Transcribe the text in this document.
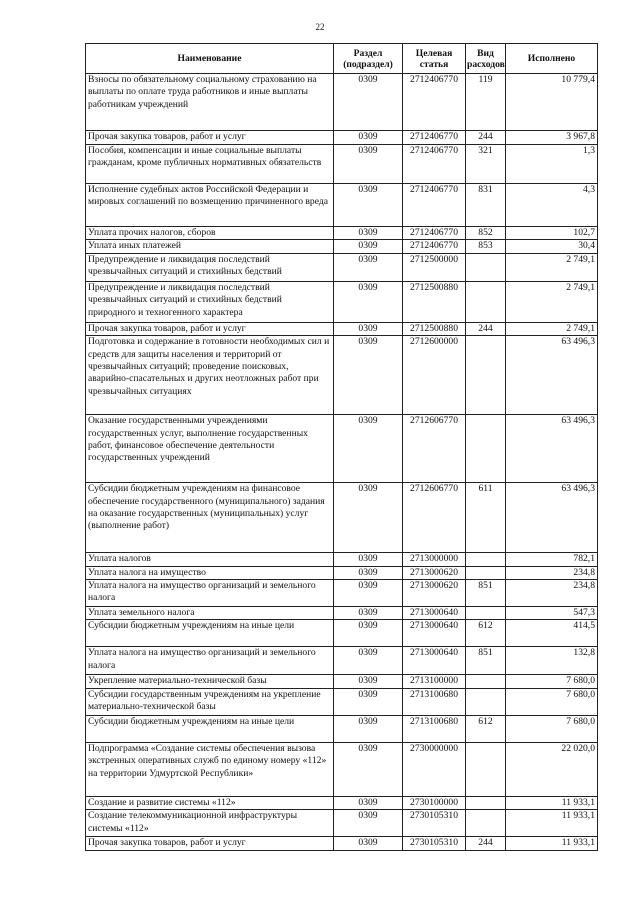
22
Наименование	Раздел (подраздел)	Целевая статья	Вид расходов	Исполнено
Взносы по обязательному социальному страхованию на выплаты по оплате труда работников и иные выплаты работникам учреждений	0309	2712406770	119	10 779,4
Прочая закупка товаров, работ и услуг	0309	2712406770	244	3 967,8
Пособия, компенсации и иные социальные выплаты гражданам, кроме публичных нормативных обязательств	0309	2712406770	321	1,3
Исполнение судебных актов Российской Федерации и мировых соглашений по возмещению причиненного вреда	0309	2712406770	831	4,3
Уплата прочих налогов, сборов	0309	2712406770	852	102,7
Уплата иных платежей	0309	2712406770	853	30,4
Предупреждение и ликвидация последствий чрезвычайных ситуаций и стихийных бедствий	0309	2712500000		2 749,1
Предупреждение и ликвидация последствий чрезвычайных ситуаций и стихийных бедствий природного и техногенного характера	0309	2712500880		2 749,1
Прочая закупка товаров, работ и услуг	0309	2712500880	244	2 749,1
Подготовка и содержание в готовности необходимых сил и средств для защиты населения и территорий от чрезвычайных ситуаций; проведение поисковых, аварийно-спасательных и других неотложных работ при чрезвычайных ситуациях	0309	2712600000		63 496,3
Оказание государственными учреждениями государственных услуг, выполнение государственных работ, финансовое обеспечение деятельности государственных учреждений	0309	2712606770		63 496,3
Субсидии бюджетным учреждениям на финансовое обеспечение государственного (муниципального) задания на оказание государственных (муниципальных) услуг (выполнение работ)	0309	2712606770	611	63 496,3
Уплата налогов	0309	2713000000		782,1
Уплата налога на имущество	0309	2713000620		234,8
Уплата налога на имущество организаций и земельного налога	0309	2713000620	851	234,8
Уплата земельного налога	0309	2713000640		547,3
Субсидии бюджетным учреждениям на иные цели	0309	2713000640	612	414,5
Уплата налога на имущество организаций и земельного налога	0309	2713000640	851	132,8
Укрепление материально-технической базы	0309	2713100000		7 680,0
Субсидии государственным учреждениям на укрепление материально-технической базы	0309	2713100680		7 680,0
Субсидии бюджетным учреждениям на иные цели	0309	2713100680	612	7 680,0
Подпрограмма «Создание системы обеспечения вызова экстренных оперативных служб по единому номеру «112» на территории Удмуртской Республики»	0309	2730000000		22 020,0
Создание и развитие системы «112»	0309	2730100000		11 933,1
Создание телекоммуникационной инфраструктуры системы «112»	0309	2730105310		11 933,1
Прочая закупка товаров, работ и услуг	0309	2730105310	244	11 933,1
